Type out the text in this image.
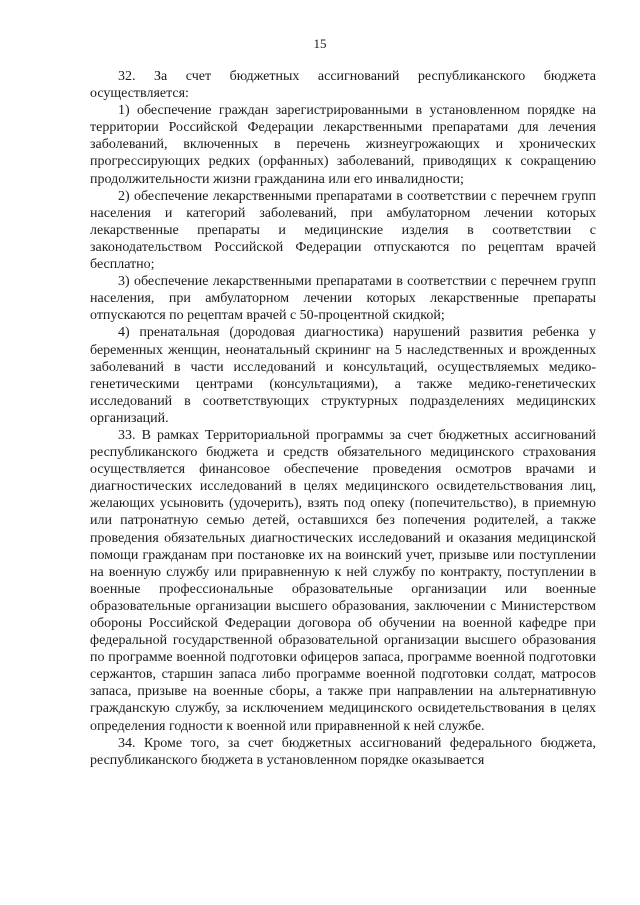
15

32. За счет бюджетных ассигнований республиканского бюджета осуществляется:

1) обеспечение граждан зарегистрированными в установленном порядке на территории Российской Федерации лекарственными препаратами для лечения заболеваний, включенных в перечень жизнеугрожающих и хронических прогрессирующих редких (орфанных) заболеваний, приводящих к сокращению продолжительности жизни гражданина или его инвалидности;

2) обеспечение лекарственными препаратами в соответствии с перечнем групп населения и категорий заболеваний, при амбулаторном лечении которых лекарственные препараты и медицинские изделия в соответствии с законодательством Российской Федерации отпускаются по рецептам врачей бесплатно;

3) обеспечение лекарственными препаратами в соответствии с перечнем групп населения, при амбулаторном лечении которых лекарственные препараты отпускаются по рецептам врачей с 50-процентной скидкой;

4) пренатальная (дородовая диагностика) нарушений развития ребенка у беременных женщин, неонатальный скрининг на 5 наследственных и врожденных заболеваний в части исследований и консультаций, осуществляемых медико-генетическими центрами (консультациями), а также медико-генетических исследований в соответствующих структурных подразделениях медицинских организаций.

33. В рамках Территориальной программы за счет бюджетных ассигнований республиканского бюджета и средств обязательного медицинского страхования осуществляется финансовое обеспечение проведения осмотров врачами и диагностических исследований в целях медицинского освидетельствования лиц, желающих усыновить (удочерить), взять под опеку (попечительство), в приемную или патронатную семью детей, оставшихся без попечения родителей, а также проведения обязательных диагностических исследований и оказания медицинской помощи гражданам при постановке их на воинский учет, призыве или поступлении на военную службу или приравненную к ней службу по контракту, поступлении в военные профессиональные образовательные организации или военные образовательные организации высшего образования, заключении с Министерством обороны Российской Федерации договора об обучении на военной кафедре при федеральной государственной образовательной организации высшего образования по программе военной подготовки офицеров запаса, программе военной подготовки сержантов, старшин запаса либо программе военной подготовки солдат, матросов запаса, призыве на военные сборы, а также при направлении на альтернативную гражданскую службу, за исключением медицинского освидетельствования в целях определения годности к военной или приравненной к ней службе.

34. Кроме того, за счет бюджетных ассигнований федерального бюджета, республиканского бюджета в установленном порядке оказывается
